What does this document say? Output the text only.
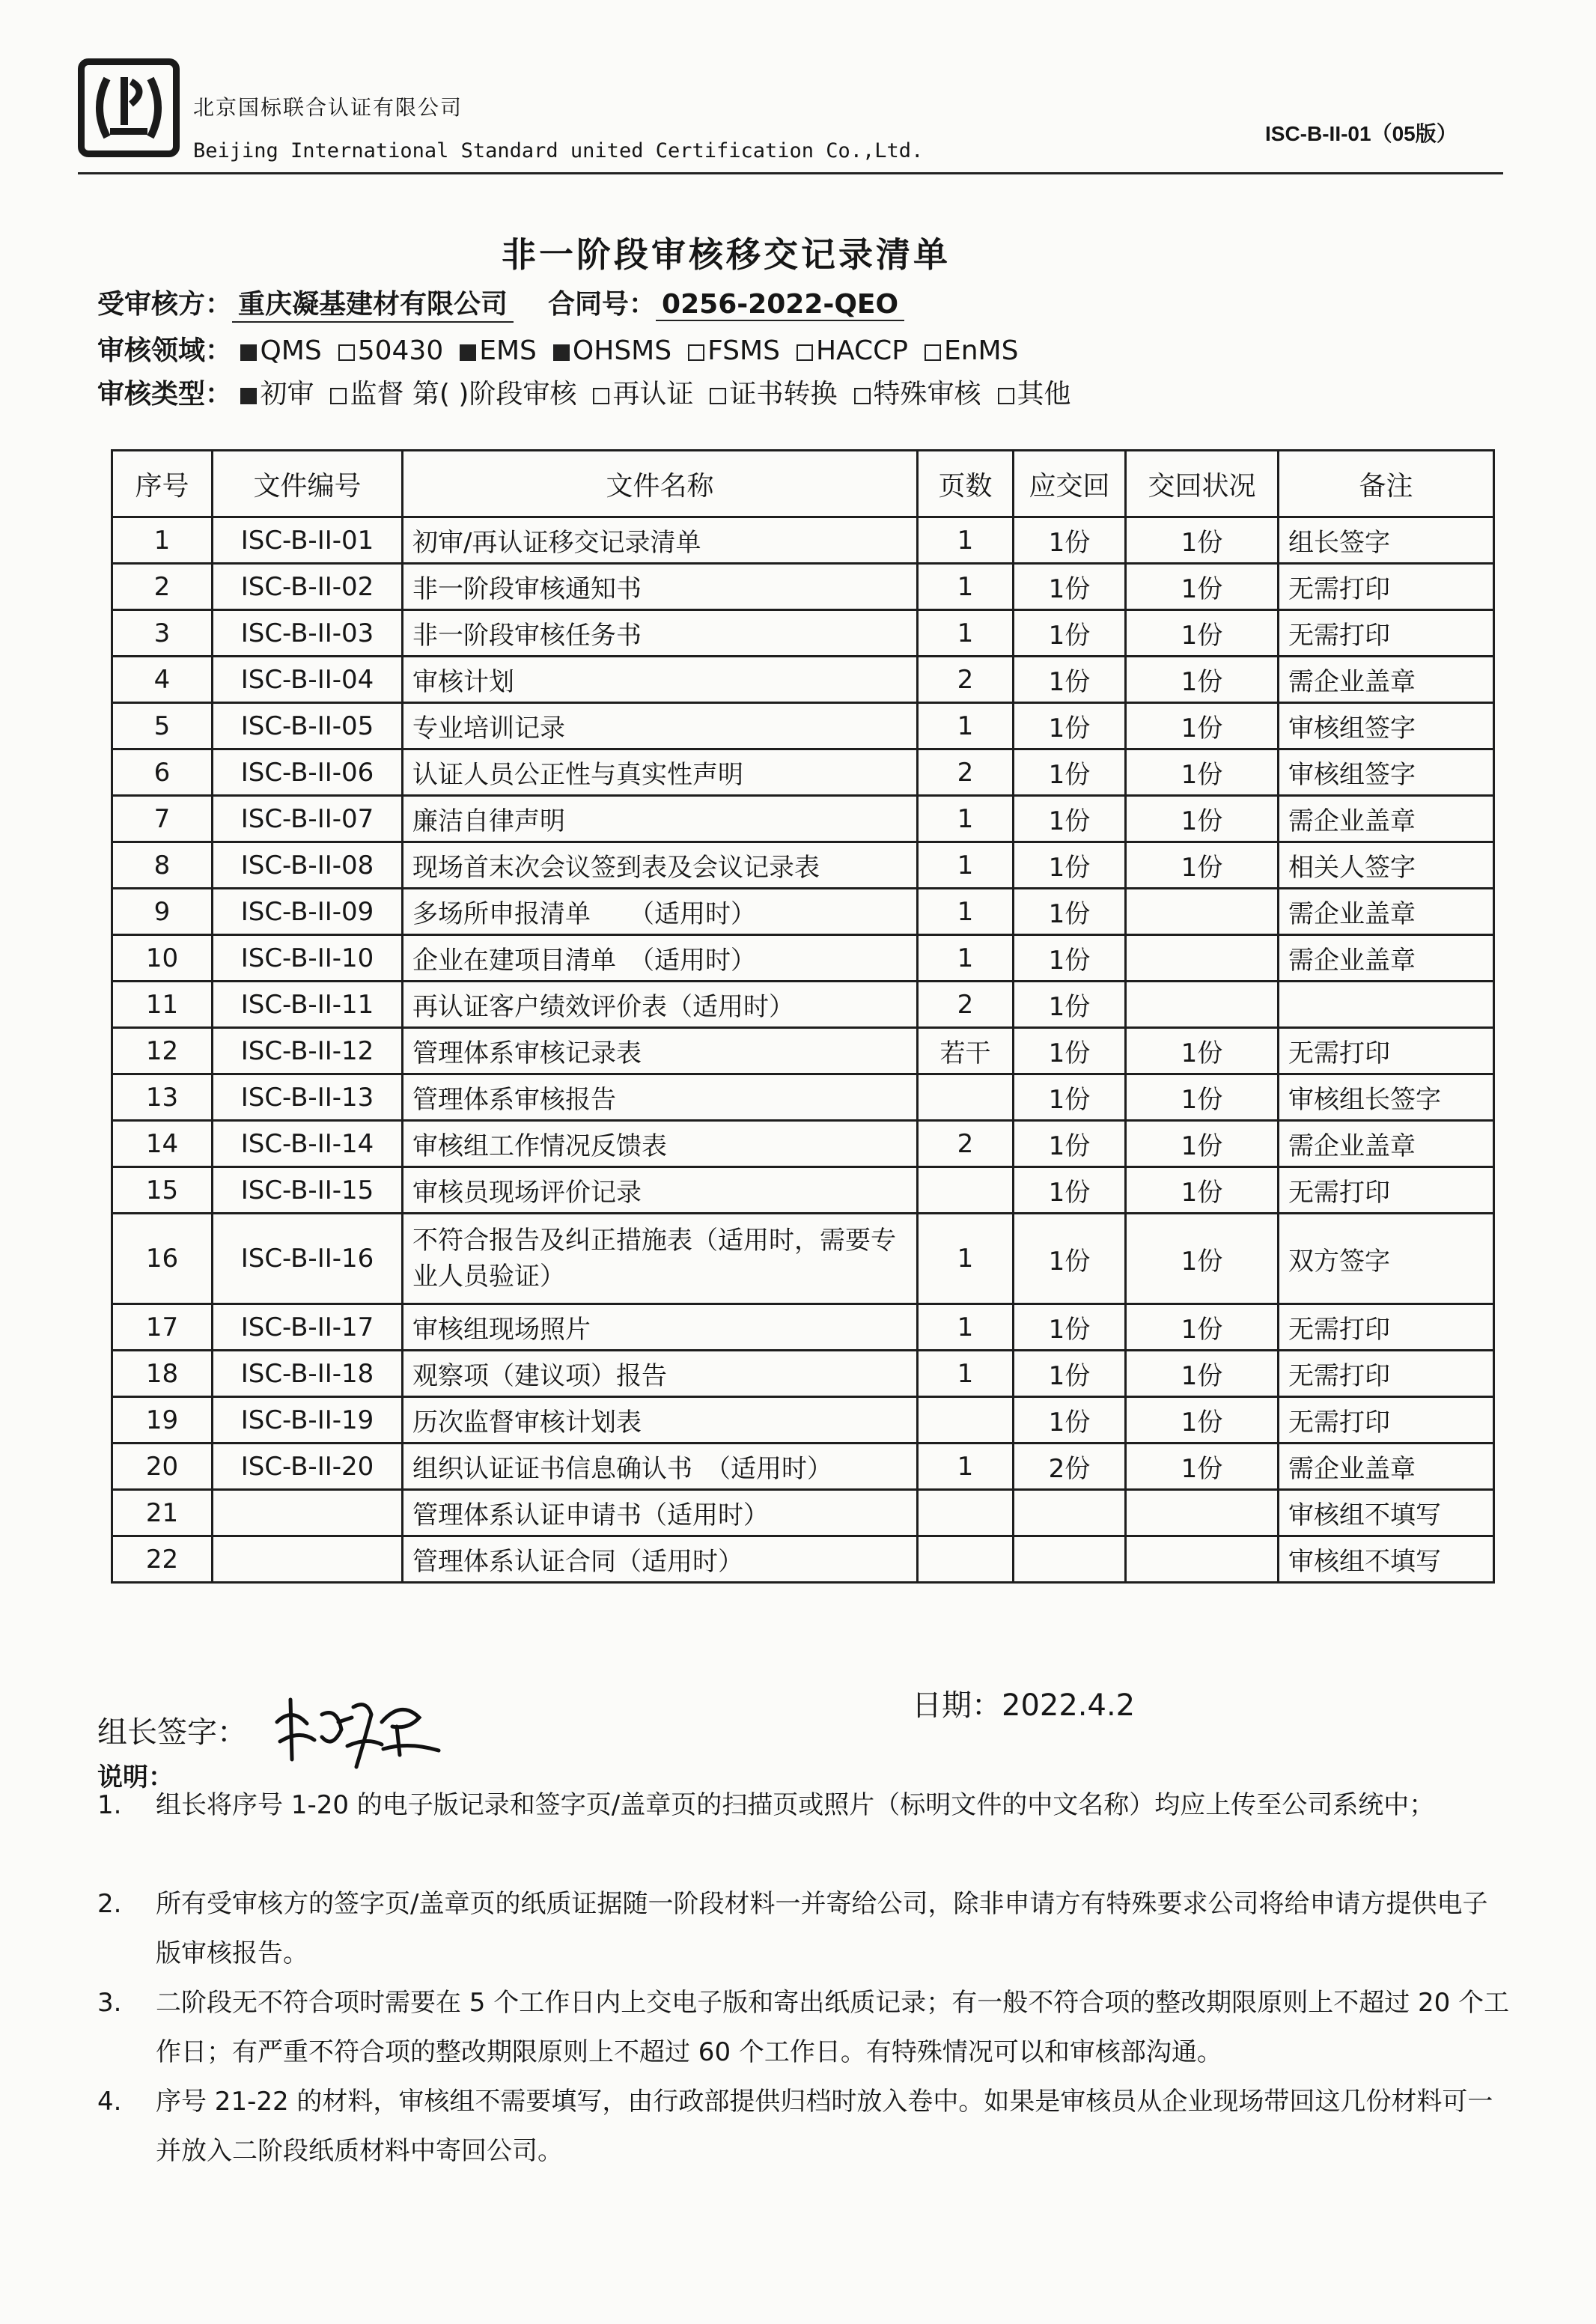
北京国标联合认证有限公司
Beijing International Standard united Certification Co.,Ltd.
ISC-B-II-01（05版）
非一阶段审核移交记录清单
受审核方： 重庆凝基建材有限公司 合同号： 0256-2022-QEO
审核领域： QMS 50430 EMS OHSMS FSMS HACCP EnMS
审核类型： 初审 监督 第( )阶段审核 再认证 证书转换 特殊审核 其他
序号	文件编号	文件名称	页数	应交回	交回状况	备注
1	ISC-B-II-01	初审/再认证移交记录清单	1	1份	1份	组长签字
2	ISC-B-II-02	非一阶段审核通知书	1	1份	1份	无需打印
3	ISC-B-II-03	非一阶段审核任务书	1	1份	1份	无需打印
4	ISC-B-II-04	审核计划	2	1份	1份	需企业盖章
5	ISC-B-II-05	专业培训记录	1	1份	1份	审核组签字
6	ISC-B-II-06	认证人员公正性与真实性声明	2	1份	1份	审核组签字
7	ISC-B-II-07	廉洁自律声明	1	1份	1份	需企业盖章
8	ISC-B-II-08	现场首末次会议签到表及会议记录表	1	1份	1份	相关人签字
9	ISC-B-II-09	多场所申报清单　　（适用时）	1	1份		需企业盖章
10	ISC-B-II-10	企业在建项目清单　（适用时）	1	1份		需企业盖章
11	ISC-B-II-11	再认证客户绩效评价表（适用时）	2	1份		
12	ISC-B-II-12	管理体系审核记录表	若干	1份	1份	无需打印
13	ISC-B-II-13	管理体系审核报告		1份	1份	审核组长签字
14	ISC-B-II-14	审核组工作情况反馈表	2	1份	1份	需企业盖章
15	ISC-B-II-15	审核员现场评价记录		1份	1份	无需打印
16	ISC-B-II-16	不符合报告及纠正措施表（适用时，需要专业人员验证）	1	1份	1份	双方签字
17	ISC-B-II-17	审核组现场照片	1	1份	1份	无需打印
18	ISC-B-II-18	观察项（建议项）报告	1	1份	1份	无需打印
19	ISC-B-II-19	历次监督审核计划表		1份	1份	无需打印
20	ISC-B-II-20	组织认证证书信息确认书　（适用时）	1	2份	1份	需企业盖章
21		管理体系认证申请书（适用时）				审核组不填写
22		管理体系认证合同（适用时）				审核组不填写
日期：2022.4.2
组长签字：
说明：
1.	组长将序号 1-20 的电子版记录和签字页/盖章页的扫描页或照片（标明文件的中文名称）均应上传至公司系统中；
2.	所有受审核方的签字页/盖章页的纸质证据随一阶段材料一并寄给公司，除非申请方有特殊要求公司将给申请方提供电子版审核报告。
3.	二阶段无不符合项时需要在 5 个工作日内上交电子版和寄出纸质记录；有一般不符合项的整改期限原则上不超过 20 个工作日；有严重不符合项的整改期限原则上不超过 60 个工作日。有特殊情况可以和审核部沟通。
4.	序号 21-22 的材料，审核组不需要填写，由行政部提供归档时放入卷中。如果是审核员从企业现场带回这几份材料可一并放入二阶段纸质材料中寄回公司。
